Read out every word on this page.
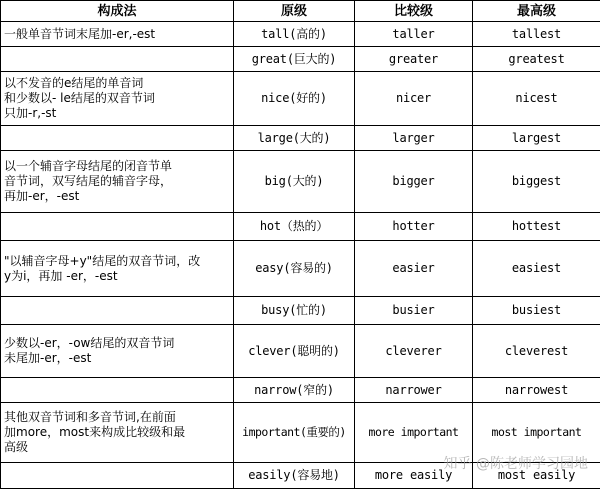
构成法	原级	比较级	最高级
一般单音节词末尾加-er,-est	tall(高的)	taller	tallest
	great(巨大的)	greater	greatest
以不发音的e结尾的单音词
和少数以- le结尾的双音节词
只加-r,-st	nice(好的)	nicer	nicest
	large(大的)	larger	largest
以一个辅音字母结尾的闭音节单
音节词，双写结尾的辅音字母，
再加-er，-est	big(大的)	bigger	biggest
	hot（热的）	hotter	hottest
"以辅音字母+y"结尾的双音节词，改
y为i，再加 -er，-est	easy(容易的)	easier	easiest
	busy(忙的)	busier	busiest
少数以-er，-ow结尾的双音节词
未尾加-er，-est	clever(聪明的)	cleverer	cleverest
	narrow(窄的)	narrower	narrowest
其他双音节词和多音节词,在前面
加more，most来构成比较级和最
高级	important(重要的)	more important	most important
	easily(容易地)	more easily	most easily
知乎 @陈老师学习园地
